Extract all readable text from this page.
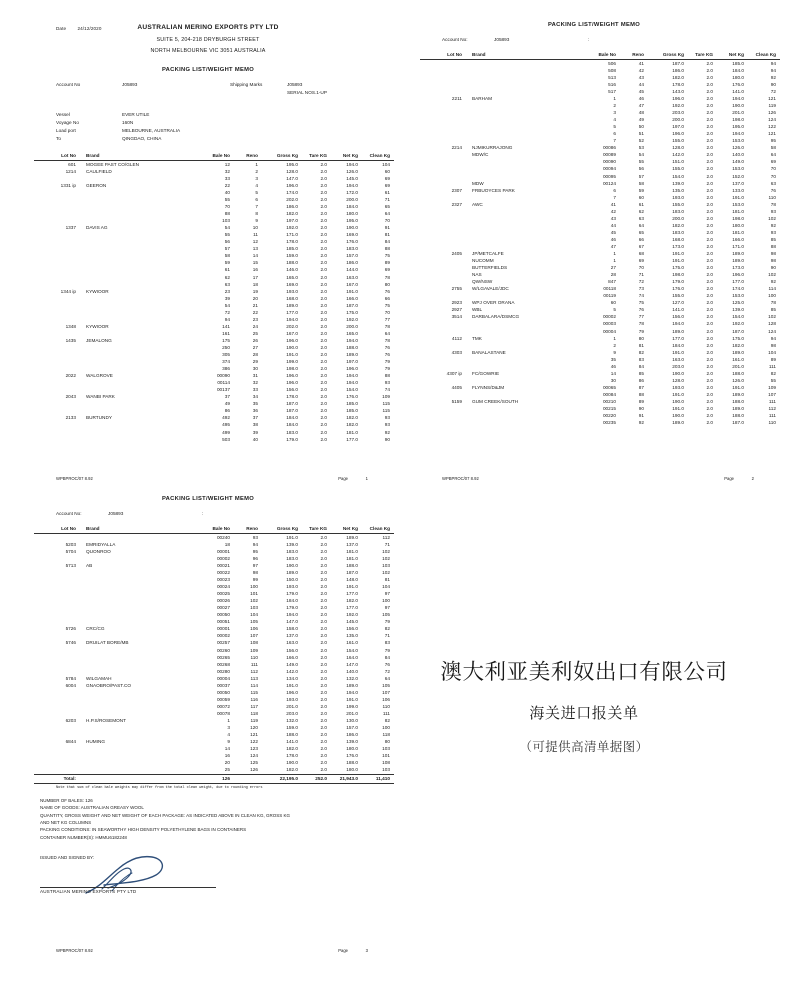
Date 24/12/2020	AUSTRALIAN MERINO EXPORTS PTY LTD
SUITE 5, 204-218 DRYBURGH STREET
NORTH MELBOURNE VIC 3051 AUSTRALIA
PACKING LIST/WEIGHT MEMO
Account No	J05893	Shipping Marks	J05893
SERIAL NOS.1-UP
Vessel	EVER UTILE
Voyage No	160N
Load port	MELBOURNE, AUSTRALIA
To	QINGDAO, CHINA
Lot No	Brand	Bale No	Reno	Gross Kg	Tare KG	Net Kg	Clean Kg
601	MOGEE PAST CO/GLEN	12	1	195.0	2.0	194.0	104
1214	CAULFIELD	32	2	128.0	2.0	126.0	60
		33	3	147.0	2.0	145.0	69
1331 ip	GEERON	22	4	196.0	2.0	194.0	69
		40	5	174.0	2.0	172.0	61
		55	6	202.0	2.0	200.0	71
		70	7	186.0	2.0	184.0	65
		88	8	182.0	2.0	180.0	64
		103	9	197.0	2.0	195.0	70
1337	DAVIS AG	54	10	192.0	2.0	190.0	91
		55	11	171.0	2.0	169.0	81
		56	12	178.0	2.0	176.0	84
		57	13	185.0	2.0	183.0	88
		58	14	159.0	2.0	157.0	75
		59	15	188.0	2.0	186.0	89
		61	16	146.0	2.0	144.0	69
		62	17	165.0	2.0	163.0	78
		63	18	169.0	2.0	167.0	80
1344 ip	KYWIOOR	23	19	193.0	2.0	191.0	76
		39	20	168.0	2.0	166.0	66
		54	21	189.0	2.0	187.0	75
		72	22	177.0	2.0	175.0	70
		94	23	194.0	2.0	192.0	77
1348	KYWIOOR	141	24	202.0	2.0	200.0	78
		161	25	167.0	2.0	165.0	64
1435	JEMALONG	175	26	196.0	2.0	194.0	78
		250	27	190.0	2.0	188.0	76
		305	28	191.0	2.0	189.0	76
		374	29	199.0	2.0	197.0	79
		386	30	198.0	2.0	196.0	79
2022	WALGROVE	00090	31	196.0	2.0	194.0	88
		00114	32	196.0	2.0	194.0	93
		00137	33	156.0	2.0	154.0	74
2043	WANBI PARK	37	34	178.0	2.0	176.0	109
		49	35	187.0	2.0	185.0	115
		86	36	187.0	2.0	185.0	115
2133	BURTUNDY	492	37	184.0	2.0	182.0	93
		495	38	184.0	2.0	182.0	93
		499	39	183.0	2.0	181.0	92
		503	40	179.0	2.0	177.0	90
WPBPROC/07 8.92	Page	1
PACKING LIST/WEIGHT MEMO
Account No:	J05893	:
Lot No	Brand	Bale No	Reno	Gross Kg	Tare KG	Net Kg	Clean Kg
		506	41	187.0	2.0	185.0	94
		508	42	186.0	2.0	184.0	94
		513	43	182.0	2.0	180.0	92
		516	44	178.0	2.0	176.0	90
		517	45	143.0	2.0	141.0	72
2211	BARHAM	1	46	196.0	2.0	194.0	121
		2	47	192.0	2.0	190.0	119
		3	48	203.0	2.0	201.0	126
		4	49	200.0	2.0	198.0	124
		5	50	197.0	2.0	195.0	122
		6	51	196.0	2.0	194.0	121
		7	52	155.0	2.0	153.0	95
2214	NJMIKURRAJONG	00086	53	128.0	2.0	126.0	58
	MDW/C	00089	54	142.0	2.0	140.0	64
		00090	55	151.0	2.0	149.0	69
		00094	56	155.0	2.0	153.0	70
		00095	57	154.0	2.0	152.0	70
	MDW	00124	58	139.0	2.0	137.0	63
2307	FRBUOYCES PARK	6	59	135.0	2.0	133.0	76
		7	60	193.0	2.0	191.0	110
2327	AWC	41	61	155.0	2.0	153.0	78
		42	62	183.0	2.0	181.0	93
		43	63	200.0	2.0	198.0	102
		44	64	182.0	2.0	180.0	92
		45	65	183.0	2.0	181.0	93
		46	66	168.0	2.0	166.0	85
		47	67	173.0	2.0	171.0	88
2405	JP/METCALFE	1	68	191.0	2.0	189.0	98
	NUCOMM	1	69	191.0	2.0	189.0	98
	BUTTERFIELDS	27	70	175.0	2.0	173.0	90
	NAS	28	71	198.0	2.0	196.0	102
	QW/NSW	847	72	179.0	2.0	177.0	92
2755	W/LGAVALE/JDC	00118	73	176.0	2.0	174.0	114
		00119	74	155.0	2.0	153.0	100
2923	WPJ OVER ORANA	60	75	127.0	2.0	125.0	78
2927	WBL	5	76	141.0	2.0	139.0	85
3514	DARBALARA/DSMCG	00002	77	156.0	2.0	154.0	102
		00003	78	194.0	2.0	192.0	128
		00004	79	189.0	2.0	187.0	124
4112	TMK	1	80	177.0	2.0	175.0	94
		2	81	184.0	2.0	182.0	98
4303	BANALASTANE	9	82	191.0	2.0	189.0	104
		35	83	163.0	2.0	161.0	89
		46	84	203.0	2.0	201.0	111
4307 ip	FC/GOWRIE	14	85	190.0	2.0	188.0	82
		30	86	128.0	2.0	126.0	55
4405	FLYNNS/D&JM	00065	87	193.0	2.0	191.0	109
		00084	88	191.0	2.0	189.0	107
5159	GUM CREEK/SOUTH	00210	89	190.0	2.0	188.0	111
		00215	90	191.0	2.0	189.0	112
		00220	91	190.0	2.0	188.0	111
		00235	92	189.0	2.0	187.0	110
WPBPROC/07 8.92	Page	2
PACKING LIST/WEIGHT MEMO
Account No:	J05893	:
Lot No	Brand	Bale No	Reno	Gross Kg	Tare KG	Net Kg	Clean Kg
		00240	93	191.0	2.0	189.0	112
5203	EMRIDYALLA	18	94	139.0	2.0	137.0	71
5704	QUONROO	00001	95	183.0	2.0	181.0	102
		00002	96	183.0	2.0	181.0	102
5713	AB	00021	97	190.0	2.0	188.0	103
		00022	98	189.0	2.0	187.0	102
		00023	99	150.0	2.0	148.0	81
		00024	100	193.0	2.0	191.0	104
		00025	101	179.0	2.0	177.0	97
		00026	102	184.0	2.0	182.0	100
		00027	103	179.0	2.0	177.0	97
		00050	104	194.0	2.0	192.0	105
		00051	105	147.0	2.0	145.0	79
5726	CRC/CG	00001	106	158.0	2.0	156.0	82
		00002	107	137.0	2.0	135.0	71
5746	DRUILAT BORE/MB	00257	108	163.0	2.0	161.0	83
		00260	109	156.0	2.0	154.0	79
		00265	110	166.0	2.0	164.0	84
		00268	111	149.0	2.0	147.0	76
		00280	112	142.0	2.0	140.0	72
5784	WILGAMAH	00004	113	134.0	2.0	132.0	64
6004	GNAOBRO/PAST.CO	00037	114	191.0	2.0	189.0	105
		00050	115	196.0	2.0	194.0	107
		00059	116	193.0	2.0	191.0	106
		00072	117	201.0	2.0	199.0	110
		00078	118	203.0	2.0	201.0	111
6203	H.P.S/ROSEMONT	1	119	132.0	2.0	130.0	82
		3	120	159.0	2.0	157.0	100
		4	121	188.0	2.0	186.0	118
6844	HUMING	9	122	141.0	2.0	139.0	80
		14	123	182.0	2.0	180.0	103
		16	124	178.0	2.0	176.0	101
		20	125	190.0	2.0	188.0	108
		25	126	182.0	2.0	180.0	103
Total:		126		22,195.0	252.0	21,943.0	11,410
Note that sum of clean bale weights may differ from the total clean weight, due to rounding errors
NUMBER OF BALES: 126
NAME OF GOODS: AUSTRALIAN GREASY WOOL
QUANTITY, GROSS WEIGHT AND NET WEIGHT OF EACH PACKAGE: AS INDICATED ABOVE IN CLEAN KG, GROSS KG
AND NET KG COLUMNS
PACKING CONDITIONS: IN SEAWORTHY HIGH DENSITY POLYETHYLENE BAGS IN CONTAINERS
CONTAINER NUMBER(S): HMMU6182248
ISSUED AND SIGNED BY:
AUSTRALIAN MERINO EXPORTS PTY LTD
WPBPROC/07 8.92	Page	3
澳大利亚美利奴出口有限公司
海关进口报关单
（可提供高清单据图）
